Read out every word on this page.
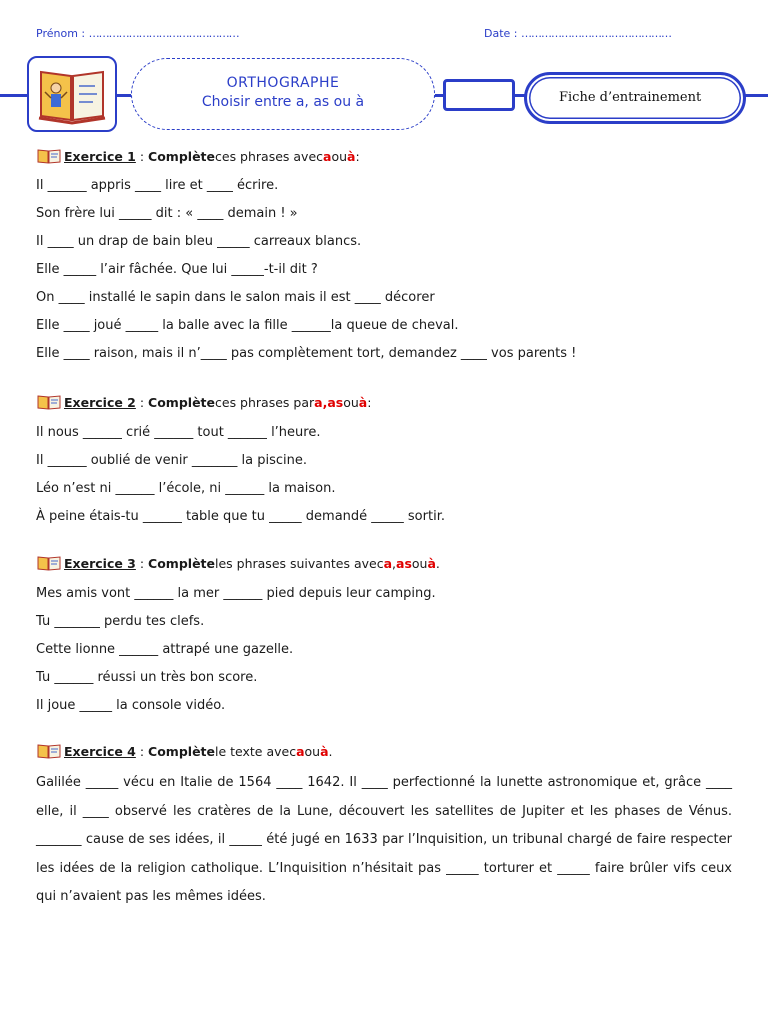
Prénom : ………………………………………	Date : ………………………………………
ORTHOGRAPHE
Choisir entre a, as ou à	Fiche d’entrainement
Exercice 1 : Complète ces phrases avec a ou à :
Il ______ appris ____ lire et ____ écrire.
Son frère lui _____ dit : « ____ demain ! »
Il ____ un drap de bain bleu _____ carreaux blancs.
Elle _____ l’air fâchée. Que lui _____-t-il dit ?
On ____ installé le sapin dans le salon mais il est ____ décorer
Elle ____ joué _____ la balle avec la fille ______la queue de cheval.
Elle ____ raison, mais il n’____ pas complètement tort, demandez ____ vos parents !
Exercice 2 : Complète ces phrases par a, as ou à :
Il nous ______ crié ______ tout ______ l’heure.
Il ______ oublié de venir _______ la piscine.
Léo n’est ni ______ l’école, ni ______ la maison.
À peine étais-tu ______ table que tu _____ demandé _____ sortir.
Exercice 3 : Complète les phrases suivantes avec a , as ou à .
Mes amis vont ______ la mer ______ pied depuis leur camping.
Tu _______ perdu tes clefs.
Cette lionne ______ attrapé une gazelle.
Tu ______ réussi un très bon score.
Il joue _____ la console vidéo.
Exercice 4 : Complète le texte avec a ou à .
Galilée _____ vécu en Italie de 1564 ____ 1642. Il ____ perfectionné la lunette astronomique et, grâce ____ elle, il ____ observé les cratères de la Lune, découvert les satellites de Jupiter et les phases de Vénus. _______ cause de ses idées, il _____ été jugé en 1633 par l’Inquisition, un tribunal chargé de faire respecter les idées de la religion catholique. L’Inquisition n’hésitait pas _____ torturer et _____ faire brûler vifs ceux qui n’avaient pas les mêmes idées.
